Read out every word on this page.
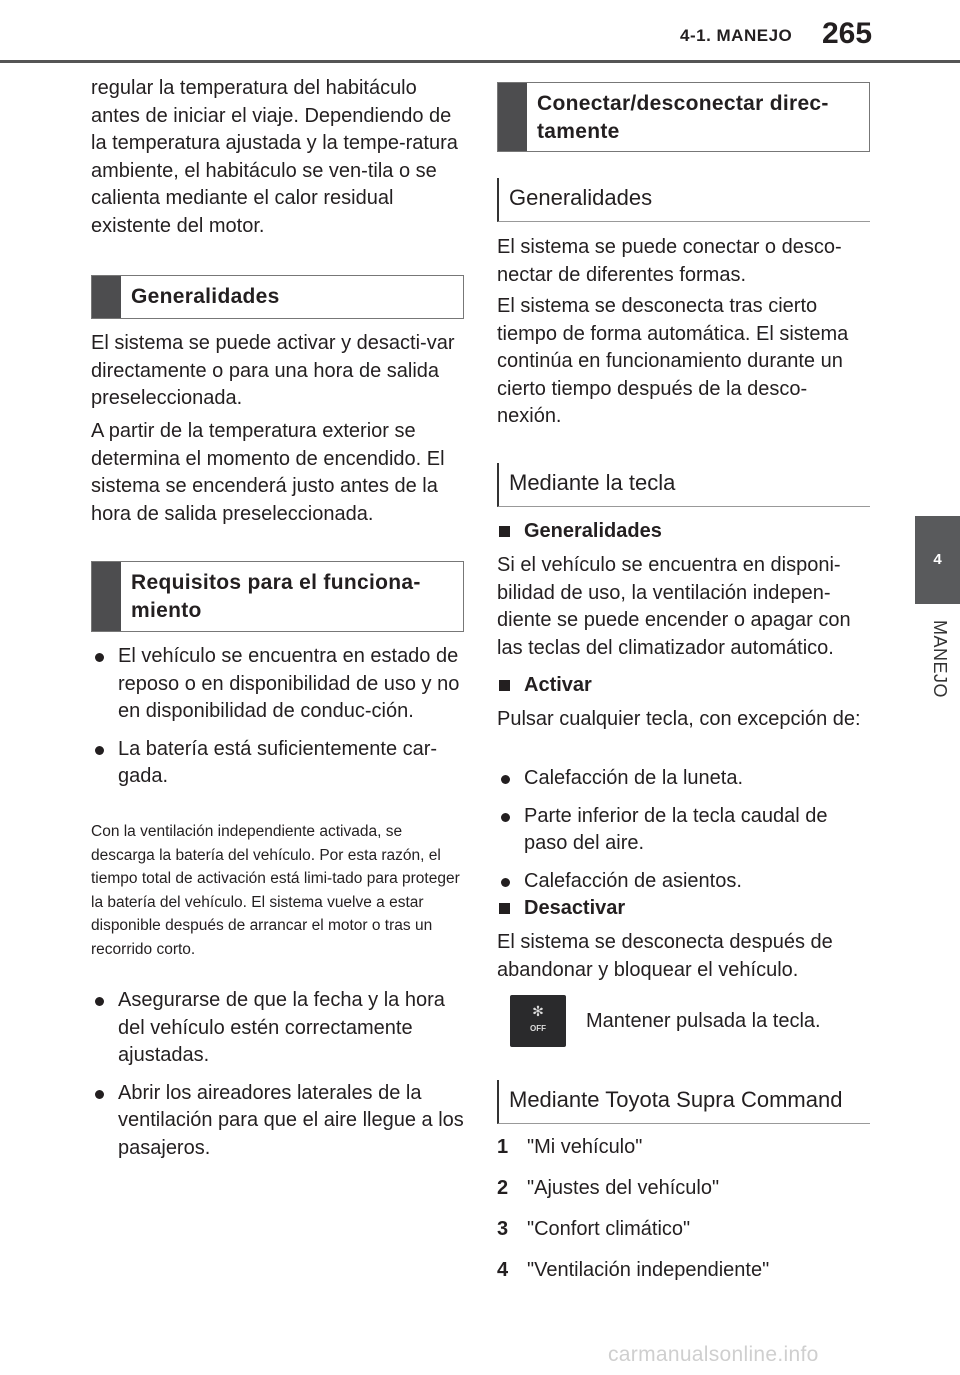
4-1. MANEJO 265
4
MANEJO

regular la temperatura del habitáculo antes de iniciar el viaje. Dependiendo de la temperatura ajustada y la tempe-ratura ambiente, el habitáculo se ven-tila o se calienta mediante el calor residual existente del motor.

Generalidades

El sistema se puede activar y desacti-var directamente o para una hora de salida preseleccionada.

A partir de la temperatura exterior se determina el momento de encendido. El sistema se encenderá justo antes de la hora de salida preseleccionada.

Requisitos para el funciona-miento
El vehículo se encuentra en estado de reposo o en disponibilidad de uso y no en disponibilidad de conduc-ción.
La batería está suficientemente car-gada.

Con la ventilación independiente activada, se descarga la batería del vehículo. Por esta razón, el tiempo total de activación está limi-tado para proteger la batería del vehículo. El sistema vuelve a estar disponible después de arrancar el motor o tras un recorrido corto.

Asegurarse de que la fecha y la hora del vehículo estén correctamente ajustadas.
Abrir los aireadores laterales de la ventilación para que el aire llegue a los pasajeros.
Conectar/desconectar direc-tamente
Generalidades

El sistema se puede conectar o desco-nectar de diferentes formas.

El sistema se desconecta tras cierto tiempo de forma automática. El sistema continúa en funcionamiento durante un cierto tiempo después de la desco-nexión.

Mediante la tecla
Generalidades

Si el vehículo se encuentra en disponi-bilidad de uso, la ventilación indepen-diente se puede encender o apagar con las teclas del climatizador automático.

Activar

Pulsar cualquier tecla, con excepción de:

Calefacción de la luneta.
Parte inferior de la tecla caudal de paso del aire.
Calefacción de asientos.
Desactivar

El sistema se desconecta después de abandonar y bloquear el vehículo.

✻
OFF	Mantener pulsada la tecla.
Mediante Toyota Supra Command
1 "Mi vehículo"
2 "Ajustes del vehículo"
3 "Confort climático"
4 "Ventilación independiente"
carmanualsonline.info
